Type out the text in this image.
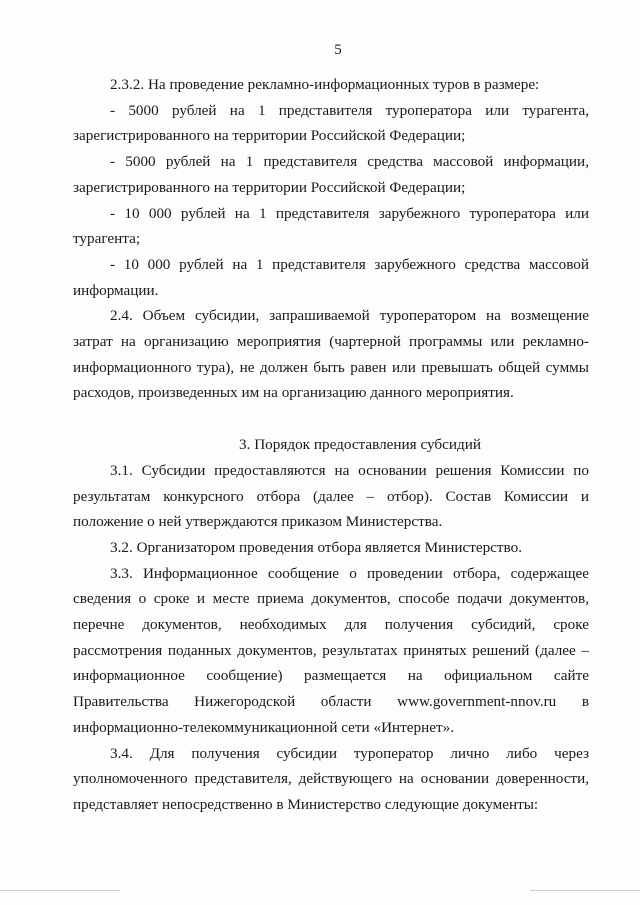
5

2.3.2. На проведение рекламно-информационных туров в размере:

- 5000 рублей на 1 представителя туроператора или турагента, зарегистрированного на территории Российской Федерации;

- 5000 рублей на 1 представителя средства массовой информации, зарегистрированного на территории Российской Федерации;

- 10 000 рублей на 1 представителя зарубежного туроператора или турагента;

- 10 000 рублей на 1 представителя зарубежного средства массовой информации.

2.4. Объем субсидии, запрашиваемой туроператором на возмещение затрат на организацию мероприятия (чартерной программы или рекламно-информационного тура), не должен быть равен или превышать общей суммы расходов, произведенных им на организацию данного мероприятия.

3. Порядок предоставления субсидий

3.1. Субсидии предоставляются на основании решения Комиссии по результатам конкурсного отбора (далее – отбор). Состав Комиссии и положение о ней утверждаются приказом Министерства.

3.2. Организатором проведения отбора является Министерство.

3.3. Информационное сообщение о проведении отбора, содержащее сведения о сроке и месте приема документов, способе подачи документов, перечне документов, необходимых для получения субсидий, сроке рассмотрения поданных документов, результатах принятых решений (далее – информационное сообщение) размещается на официальном сайте Правительства Нижегородской области www.government-nnov.ru в информационно-телекоммуникационной сети «Интернет».

3.4. Для получения субсидии туроператор лично либо через уполномоченного представителя, действующего на основании доверенности, представляет непосредственно в Министерство следующие документы:
